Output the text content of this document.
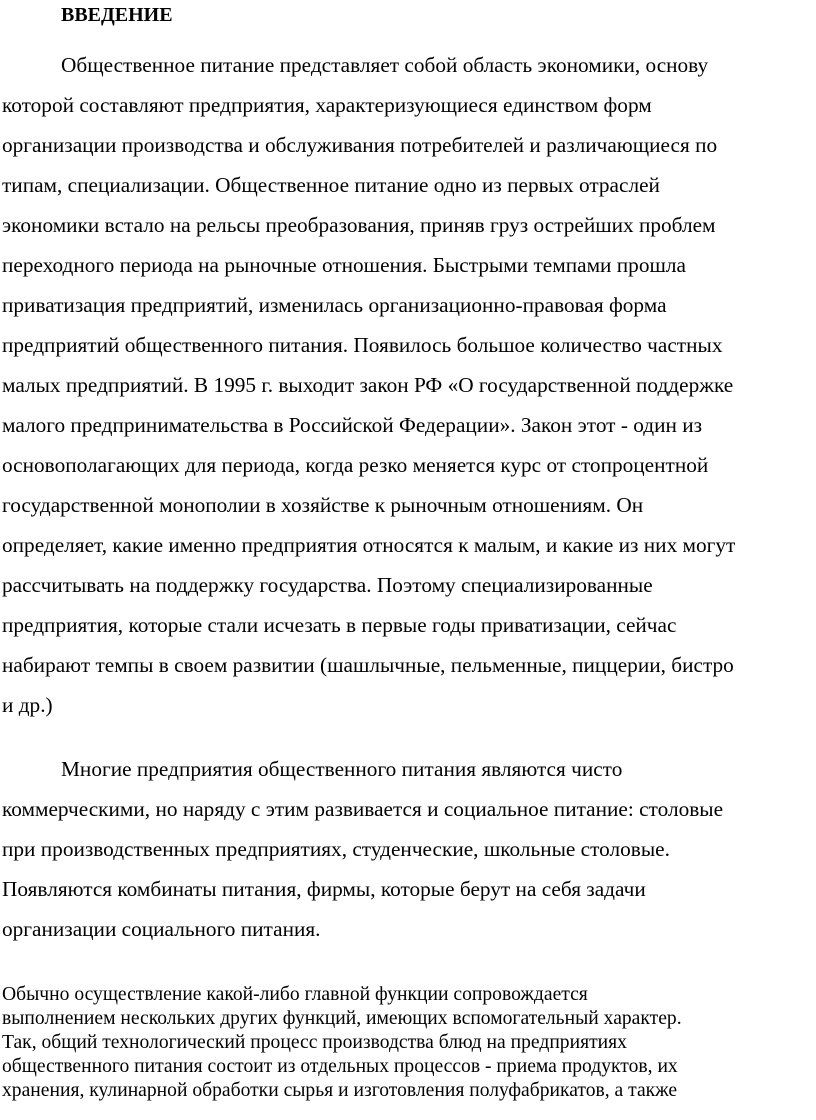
ВВЕДЕНИЕ
Общественное питание представляет собой область экономики, основу
которой составляют предприятия, характеризующиеся единством форм
организации производства и обслуживания потребителей и различающиеся по
типам, специализации. Общественное питание одно из первых отраслей
экономики встало на рельсы преобразования, приняв груз острейших проблем
переходного периода на рыночные отношения. Быстрыми темпами прошла
приватизация предприятий, изменилась организационно-правовая форма
предприятий общественного питания. Появилось большое количество частных
малых предприятий. В 1995 г. выходит закон РФ «О государственной поддержке
малого предпринимательства в Российской Федерации». Закон этот - один из
основополагающих для периода, когда резко меняется курс от стопроцентной
государственной монополии в хозяйстве к рыночным отношениям. Он
определяет, какие именно предприятия относятся к малым, и какие из них могут
рассчитывать на поддержку государства. Поэтому специализированные
предприятия, которые стали исчезать в первые годы приватизации, сейчас
набирают темпы в своем развитии (шашлычные, пельменные, пиццерии, бистро
и др.)
Многие предприятия общественного питания являются чисто
коммерческими, но наряду с этим развивается и социальное питание: столовые
при производственных предприятиях, студенческие, школьные столовые.
Появляются комбинаты питания, фирмы, которые берут на себя задачи
организации социального питания.
Обычно осуществление какой-либо главной функции сопровождается
выполнением нескольких других функций, имеющих вспомогательный характер.
Так, общий технологический процесс производства блюд на предприятиях
общественного питания состоит из отдельных процессов - приема продуктов, их
хранения, кулинарной обработки сырья и изготовления полуфабрикатов, а также
